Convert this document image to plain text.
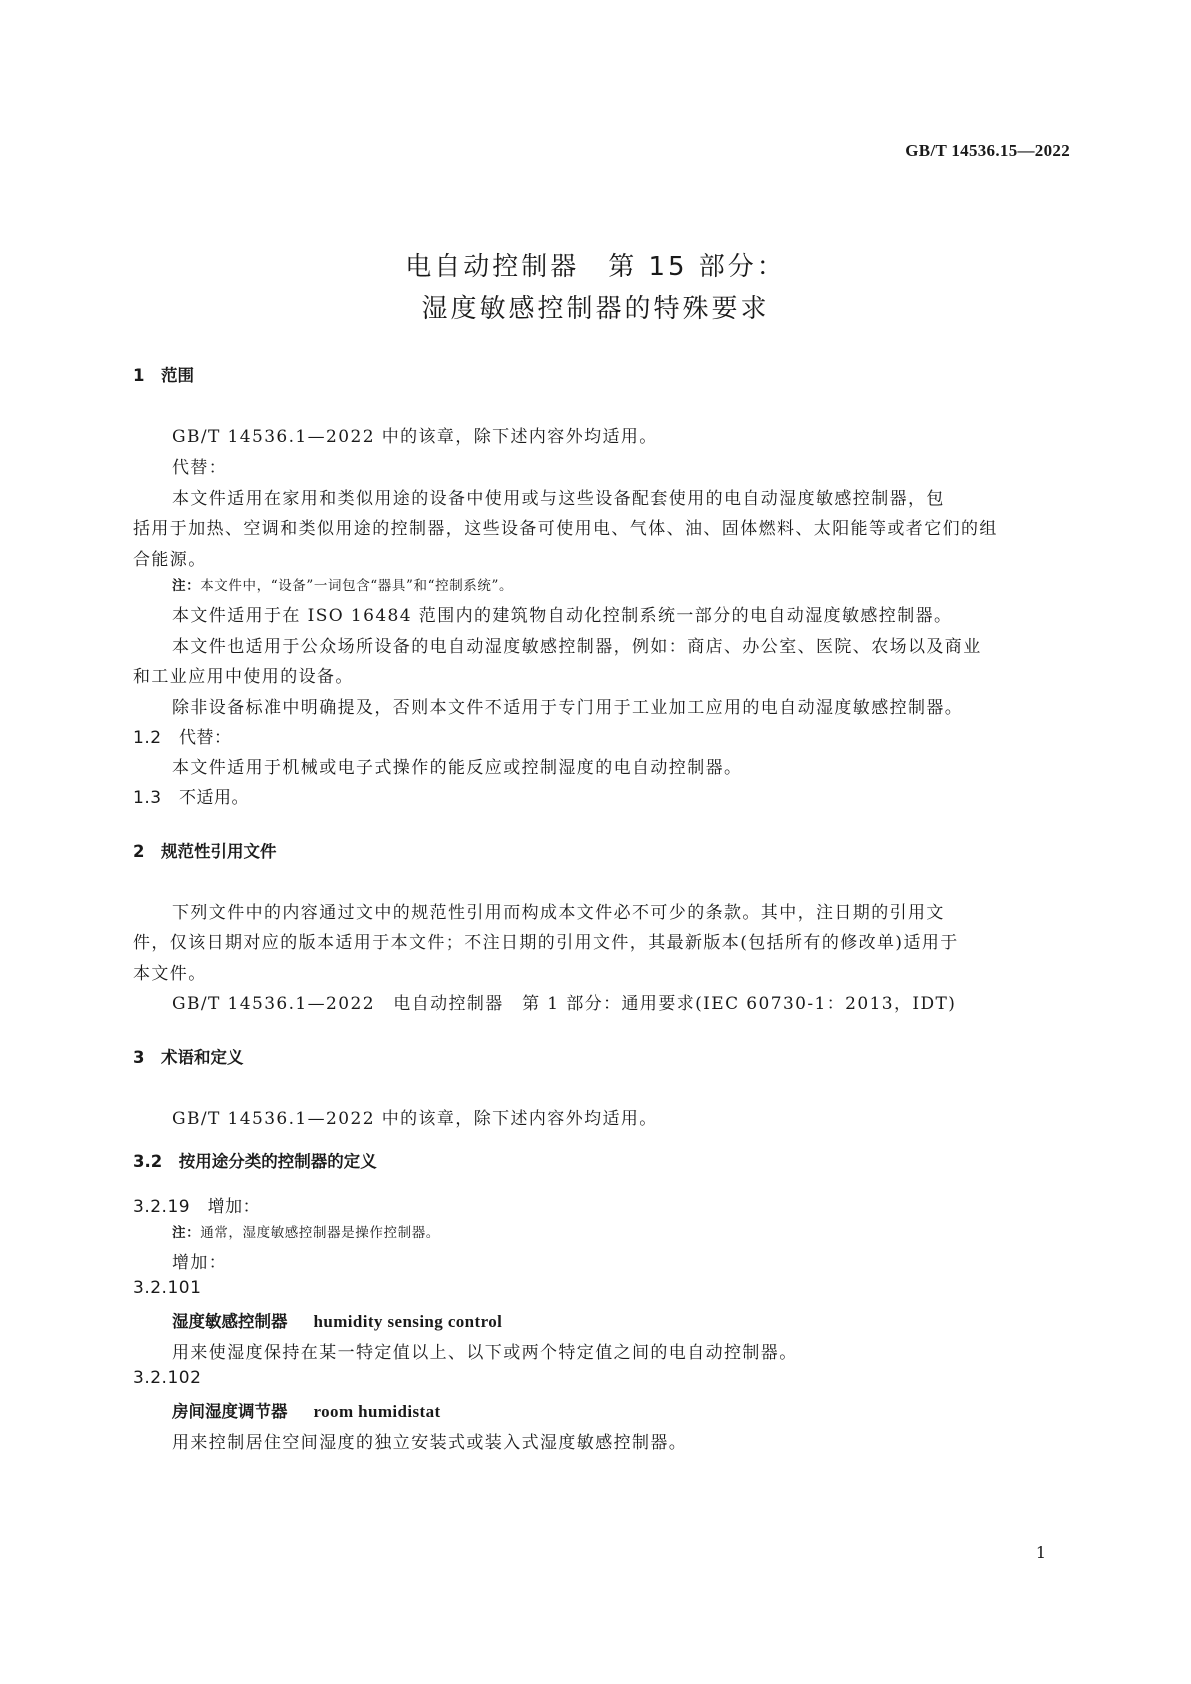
GB/T 14536.15—2022
电自动控制器　第 15 部分：
湿度敏感控制器的特殊要求
1　范围
GB/T 14536.1—2022 中的该章，除下述内容外均适用。
代替：
本文件适用在家用和类似用途的设备中使用或与这些设备配套使用的电自动湿度敏感控制器，包
括用于加热、空调和类似用途的控制器，这些设备可使用电、气体、油、固体燃料、太阳能等或者它们的组
合能源。
注：本文件中，“设备”一词包含“器具”和“控制系统”。
本文件适用于在 ISO 16484 范围内的建筑物自动化控制系统一部分的电自动湿度敏感控制器。
本文件也适用于公众场所设备的电自动湿度敏感控制器，例如：商店、办公室、医院、农场以及商业
和工业应用中使用的设备。
除非设备标准中明确提及，否则本文件不适用于专门用于工业加工应用的电自动湿度敏感控制器。
1.2　代替：
本文件适用于机械或电子式操作的能反应或控制湿度的电自动控制器。
1.3　不适用。
2　规范性引用文件
下列文件中的内容通过文中的规范性引用而构成本文件必不可少的条款。其中，注日期的引用文
件，仅该日期对应的版本适用于本文件；不注日期的引用文件，其最新版本(包括所有的修改单)适用于
本文件。
GB/T 14536.1—2022　电自动控制器　第 1 部分：通用要求(IEC 60730-1：2013，IDT)
3　术语和定义
GB/T 14536.1—2022 中的该章，除下述内容外均适用。
3.2　按用途分类的控制器的定义
3.2.19　增加：
注：通常，湿度敏感控制器是操作控制器。
增加：
3.2.101
湿度敏感控制器 humidity sensing control
用来使湿度保持在某一特定值以上、以下或两个特定值之间的电自动控制器。
3.2.102
房间湿度调节器 room humidistat
用来控制居住空间湿度的独立安装式或装入式湿度敏感控制器。
1
